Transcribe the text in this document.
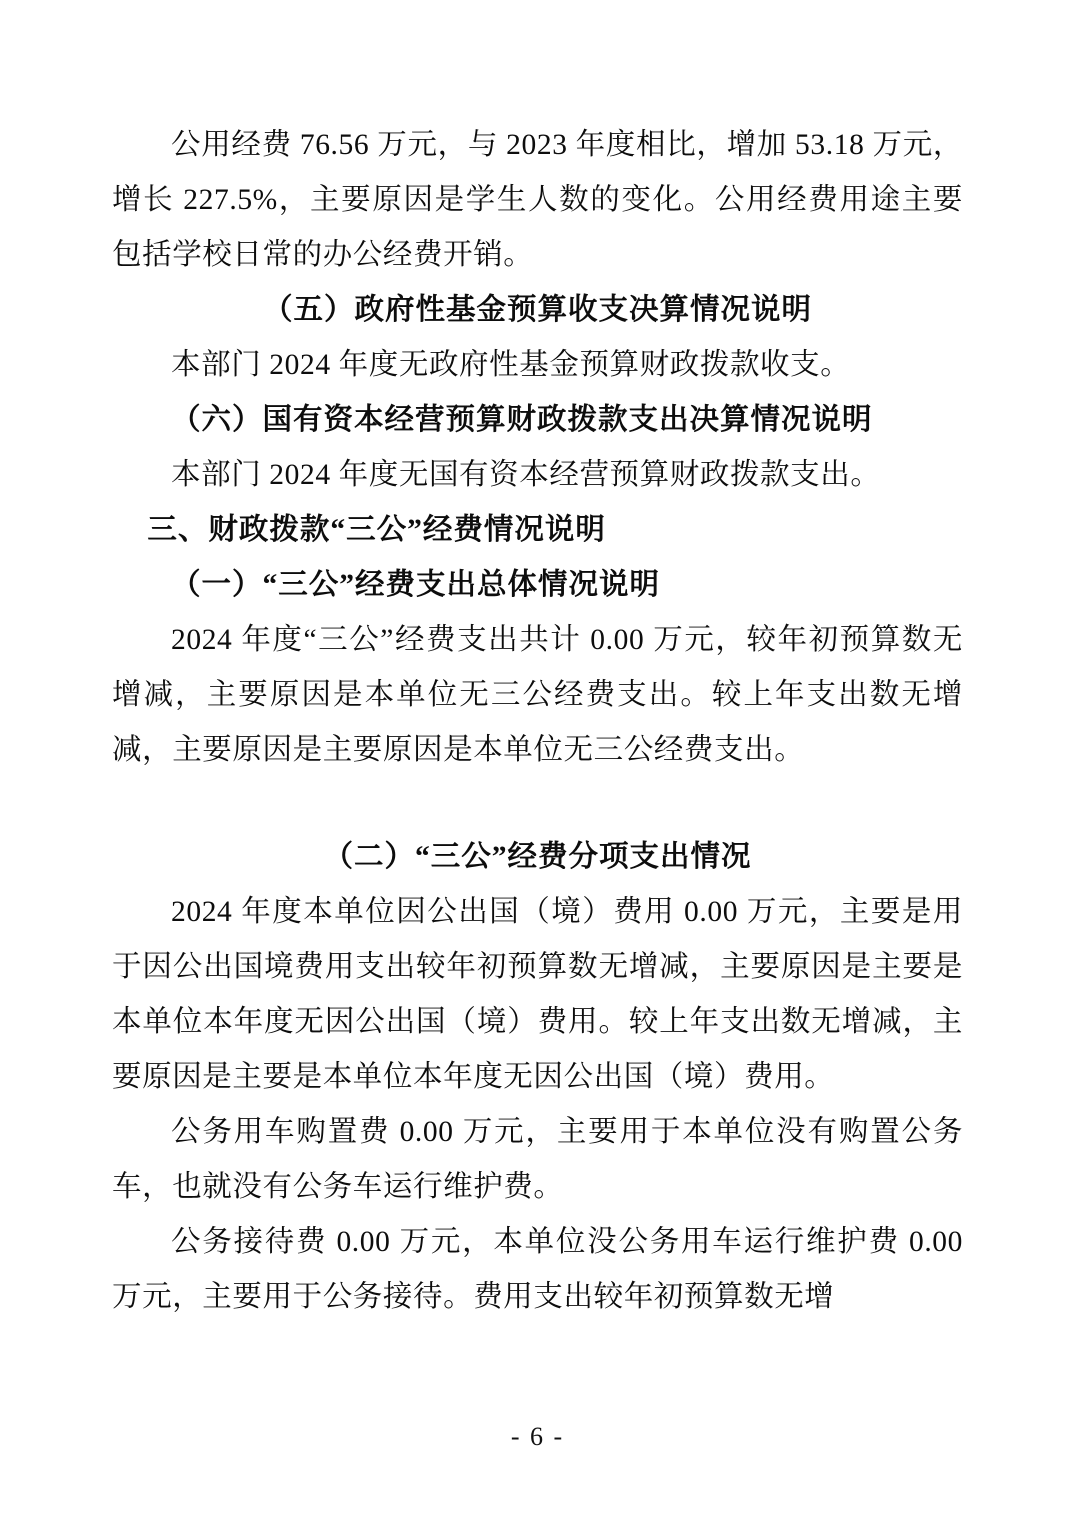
公用经费 76.56 万元，与 2023 年度相比，增加 53.18 万元，增长 227.5%，主要原因是学生人数的变化。公用经费用途主要包括学校日常的办公经费开销。

（五）政府性基金预算收支决算情况说明

本部门 2024 年度无政府性基金预算财政拨款收支。

（六）国有资本经营预算财政拨款支出决算情况说明

本部门 2024 年度无国有资本经营预算财政拨款支出。

三、财政拨款“三公”经费情况说明

（一）“三公”经费支出总体情况说明

2024 年度“三公”经费支出共计 0.00 万元，较年初预算数无增减，主要原因是本单位无三公经费支出。较上年支出数无增减，主要原因是主要原因是本单位无三公经费支出。

（二）“三公”经费分项支出情况

2024 年度本单位因公出国（境）费用 0.00 万元，主要是用于因公出国境费用支出较年初预算数无增减，主要原因是主要是本单位本年度无因公出国（境）费用。较上年支出数无增减，主要原因是主要是本单位本年度无因公出国（境）费用。

公务用车购置费 0.00 万元，主要用于本单位没有购置公务车，也就没有公务车运行维护费。

公务接待费 0.00 万元，本单位没公务用车运行维护费 0.00 万元，主要用于公务接待。费用支出较年初预算数无增

- 6 -
